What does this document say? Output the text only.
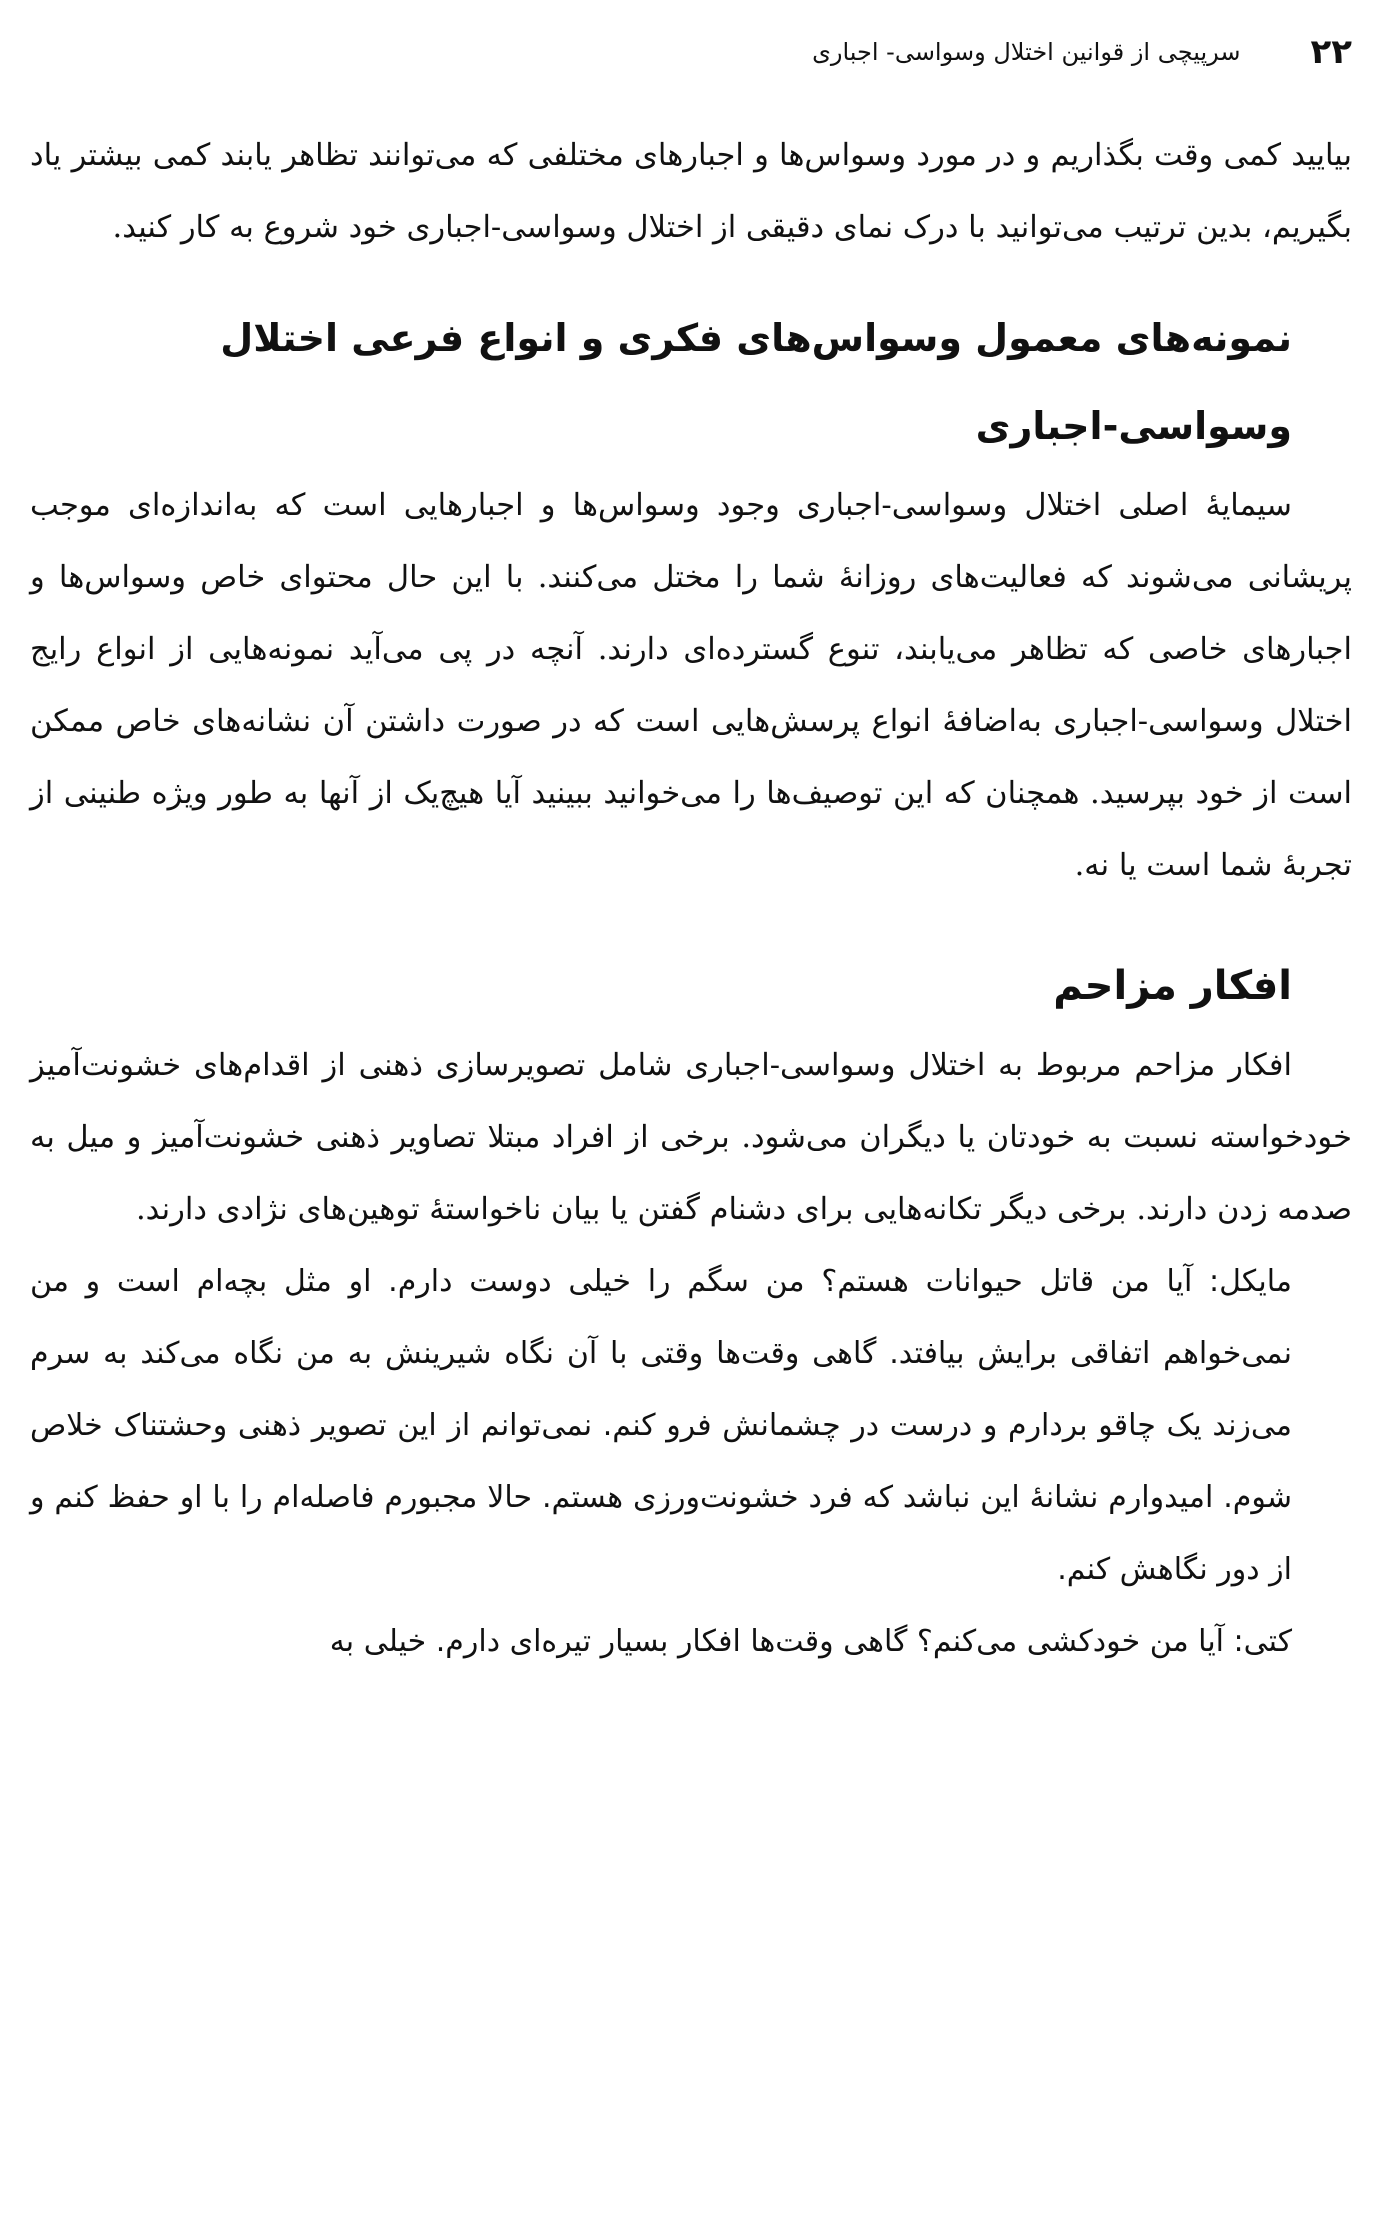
۲۲
سرپیچی از قوانین اختلال وسواسی- اجباری

بیایید کمی وقت بگذاریم و در مورد وسواس‌ها و اجبارهای مختلفی که می‌توانند تظاهر یابند کمی بیشتر یاد بگیریم، بدین ترتیب می‌توانید با درک نمای دقیقی از اختلال وسواسی-اجباری خود شروع به کار کنید.

نمونه‌های معمول وسواس‌های فکری و انواع فرعی اختلال وسواسی-اجباری

سیمایهٔ اصلی اختلال وسواسی-اجباری وجود وسواس‌ها و اجبارهایی است که به‌اندازه‌ای موجب پریشانی می‌شوند که فعالیت‌های روزانهٔ شما را مختل می‌کنند. با این حال محتوای خاص وسواس‌ها و اجبارهای خاصی که تظاهر می‌یابند، تنوع گسترده‌ای دارند. آنچه در پی می‌آید نمونه‌هایی از انواع رایج اختلال وسواسی-اجباری به‌اضافهٔ انواع پرسش‌هایی است که در صورت داشتن آن نشانه‌های خاص ممکن است از خود بپرسید. همچنان که این توصیف‌ها را می‌خوانید ببینید آیا هیچ‌یک از آنها به طور ویژه طنینی از تجربهٔ شما است یا نه.

افکار مزاحم

افکار مزاحم مربوط به اختلال وسواسی-اجباری شامل تصویرسازی ذهنی از اقدام‌های خشونت‌آمیز خودخواسته نسبت به خودتان یا دیگران می‌شود. برخی از افراد مبتلا تصاویر ذهنی خشونت‌آمیز و میل به صدمه زدن دارند. برخی دیگر تکانه‌هایی برای دشنام گفتن یا بیان ناخواستهٔ توهین‌های نژادی دارند.

مایکل: آیا من قاتل حیوانات هستم؟ من سگم را خیلی دوست دارم. او مثل بچه‌ام است و من نمی‌خواهم اتفاقی برایش بیافتد. گاهی وقت‌ها وقتی با آن نگاه شیرینش به من نگاه می‌کند به سرم می‌زند یک چاقو بردارم و درست در چشمانش فرو کنم. نمی‌توانم از این تصویر ذهنی وحشتناک خلاص شوم. امیدوارم نشانهٔ این نباشد که فرد خشونت‌ورزی هستم. حالا مجبورم فاصله‌ام را با او حفظ کنم و از دور نگاهش کنم.

کتی: آیا من خودکشی می‌کنم؟ گاهی وقت‌ها افکار بسیار تیره‌ای دارم. خیلی به
